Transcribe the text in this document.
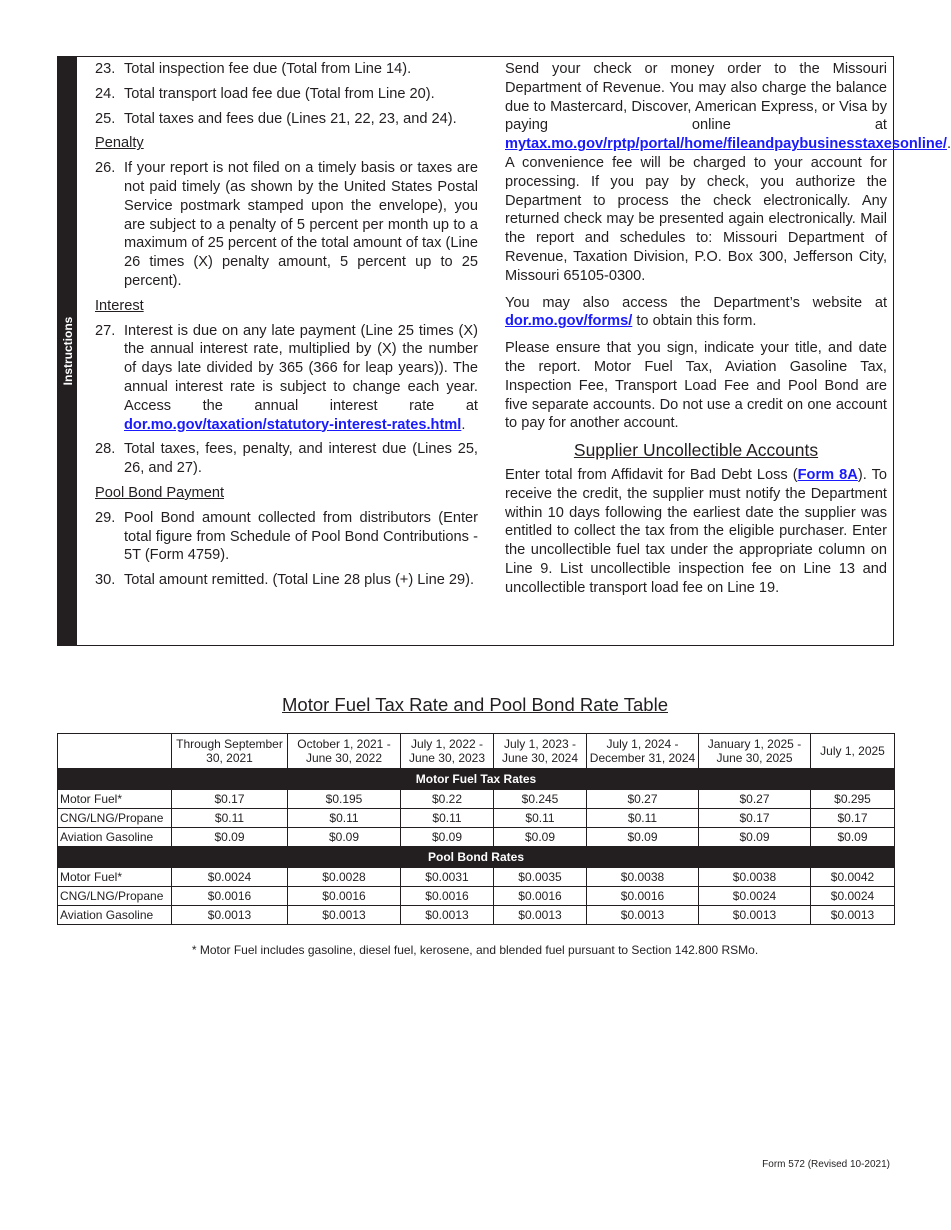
Instructions
23. Total inspection fee due (Total from Line 14).
24. Total transport load fee due (Total from Line 20).
25. Total taxes and fees due (Lines 21, 22, 23, and 24).
Penalty
26. If your report is not filed on a timely basis or taxes are not paid timely (as shown by the United States Postal Service postmark stamped upon the envelope), you are subject to a penalty of 5 percent per month up to a maximum of 25 percent of the total amount of tax (Line 26 times (X) penalty amount, 5 percent up to 25 percent).
Interest
27. Interest is due on any late payment (Line 25 times (X) the annual interest rate, multiplied by (X) the number of days late divided by 365 (366 for leap years)). The annual interest rate is subject to change each year. Access the annual interest rate at dor.mo.gov/taxation/statutory-interest-rates.html.
28. Total taxes, fees, penalty, and interest due (Lines 25, 26, and 27).
Pool Bond Payment
29. Pool Bond amount collected from distributors (Enter total figure from Schedule of Pool Bond Contributions - 5T (Form 4759).
30. Total amount remitted. (Total Line 28 plus (+) Line 29).

Send your check or money order to the Missouri Department of Revenue. You may also charge the balance due to Mastercard, Discover, American Express, or Visa by paying online at mytax.mo.gov/rptp/portal/home/fileandpaybusinesstaxesonline/. A convenience fee will be charged to your account for processing. If you pay by check, you authorize the Department to process the check electronically. Any returned check may be presented again electronically. Mail the report and schedules to: Missouri Department of Revenue, Taxation Division, P.O. Box 300, Jefferson City, Missouri 65105-0300.

You may also access the Department’s website at dor.mo.gov/forms/ to obtain this form.

Please ensure that you sign, indicate your title, and date the report. Motor Fuel Tax, Aviation Gasoline Tax, Inspection Fee, Transport Load Fee and Pool Bond are five separate accounts. Do not use a credit on one account to pay for another account.

Supplier Uncollectible Accounts

Enter total from Affidavit for Bad Debt Loss (Form 8A). To receive the credit, the supplier must notify the Department within 10 days following the earliest date the supplier was entitled to collect the tax from the eligible purchaser. Enter the uncollectible fuel tax under the appropriate column on Line 9. List uncollectible inspection fee on Line 13 and uncollectible transport load fee on Line 19.

Motor Fuel Tax Rate and Pool Bond Rate Table
	Through September 30, 2021	October 1, 2021 - June 30, 2022	July 1, 2022 - June 30, 2023	July 1, 2023 - June 30, 2024	July 1, 2024 - December 31, 2024	January 1, 2025 - June 30, 2025	July 1, 2025
Motor Fuel Tax Rates							
Motor Fuel*	$0.17	$0.195	$0.22	$0.245	$0.27	$0.27	$0.295
CNG/LNG/Propane	$0.11	$0.11	$0.11	$0.11	$0.11	$0.17	$0.17
Aviation Gasoline	$0.09	$0.09	$0.09	$0.09	$0.09	$0.09	$0.09
Pool Bond Rates							
Motor Fuel*	$0.0024	$0.0028	$0.0031	$0.0035	$0.0038	$0.0038	$0.0042
CNG/LNG/Propane	$0.0016	$0.0016	$0.0016	$0.0016	$0.0016	$0.0024	$0.0024
Aviation Gasoline	$0.0013	$0.0013	$0.0013	$0.0013	$0.0013	$0.0013	$0.0013
* Motor Fuel includes gasoline, diesel fuel, kerosene, and blended fuel pursuant to Section 142.800 RSMo.
Form 572 (Revised 10-2021)
